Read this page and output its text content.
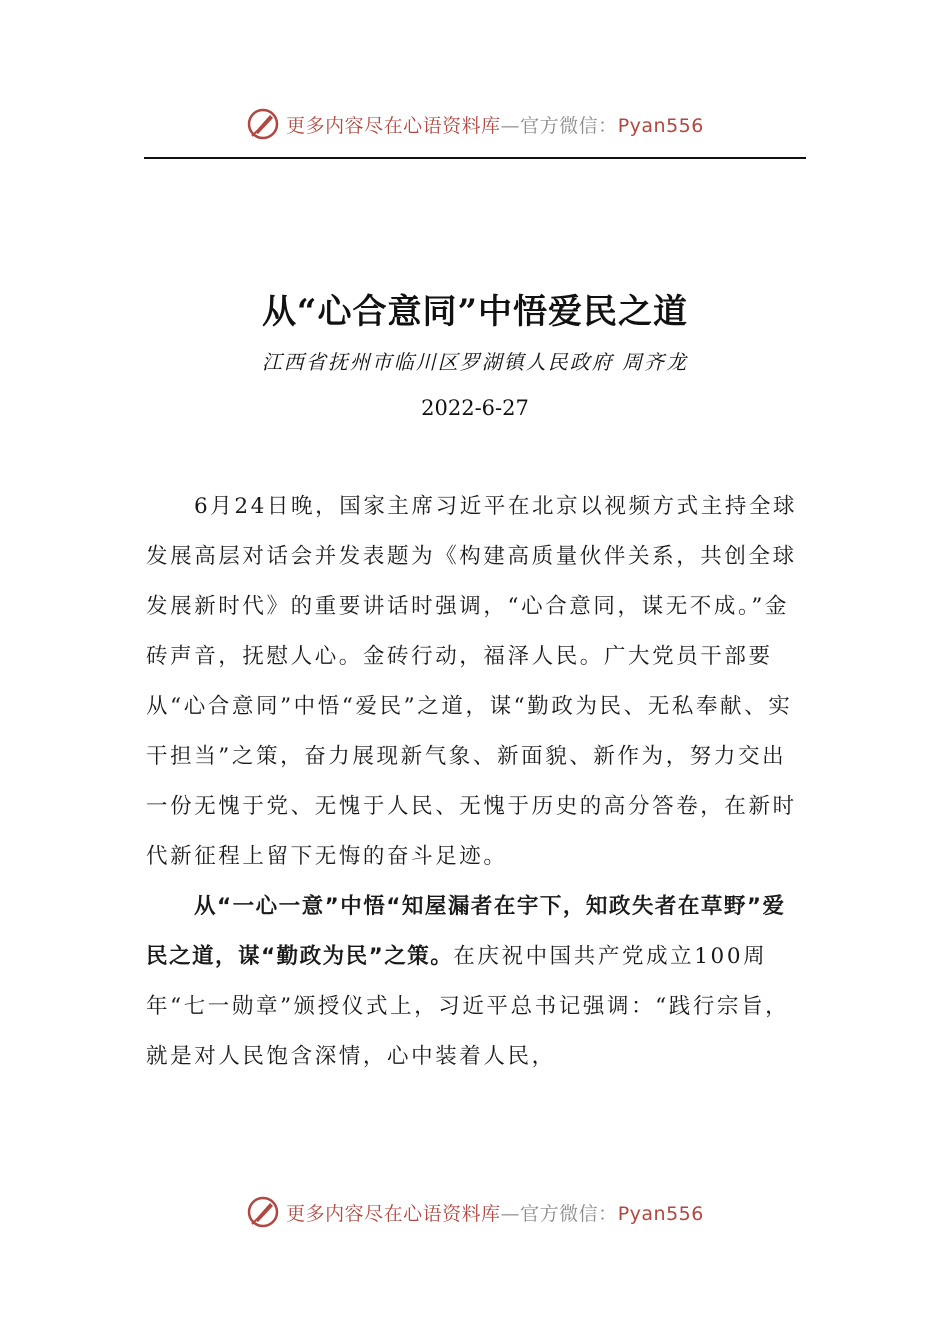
更多内容尽在心语资料库—官方微信：Pyan556
从“心合意同”中悟爱民之道
江西省抚州市临川区罗湖镇人民政府 周齐龙
2022-6-27

6月24日晚，国家主席习近平在北京以视频方式主持全球发展高层对话会并发表题为《构建高质量伙伴关系，共创全球发展新时代》的重要讲话时强调，“心合意同，谋无不成。”金砖声音，抚慰人心。金砖行动，福泽人民。广大党员干部要从“心合意同”中悟“爱民”之道，谋“勤政为民、无私奉献、实干担当”之策，奋力展现新气象、新面貌、新作为，努力交出一份无愧于党、无愧于人民、无愧于历史的高分答卷，在新时代新征程上留下无悔的奋斗足迹。

从“一心一意”中悟“知屋漏者在宇下，知政失者在草野”爱民之道，谋“勤政为民”之策。在庆祝中国共产党成立100周年“七一勋章”颁授仪式上，习近平总书记强调：“践行宗旨，就是对人民饱含深情，心中装着人民，

更多内容尽在心语资料库—官方微信：Pyan556
